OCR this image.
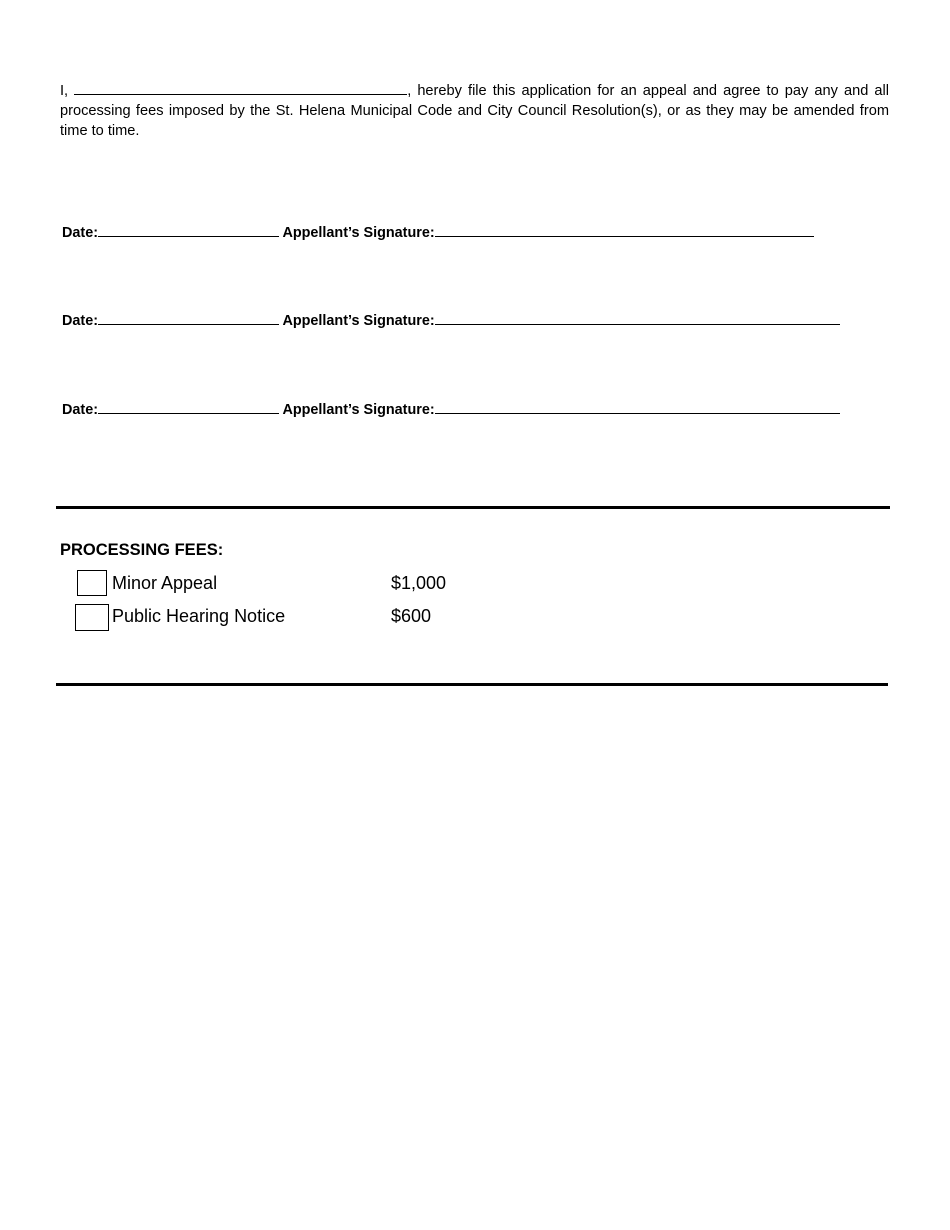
I,	, hereby file this application for an appeal and agree to pay any and all processing fees imposed by the St. Helena Municipal Code and City Council Resolution(s), or as they may be amended from time to time.
Date:	Appellant’s Signature:
Date:	Appellant’s Signature:
Date:	Appellant’s Signature:
PROCESSING FEES:
Minor Appeal	$1,000
Public Hearing Notice	$600
